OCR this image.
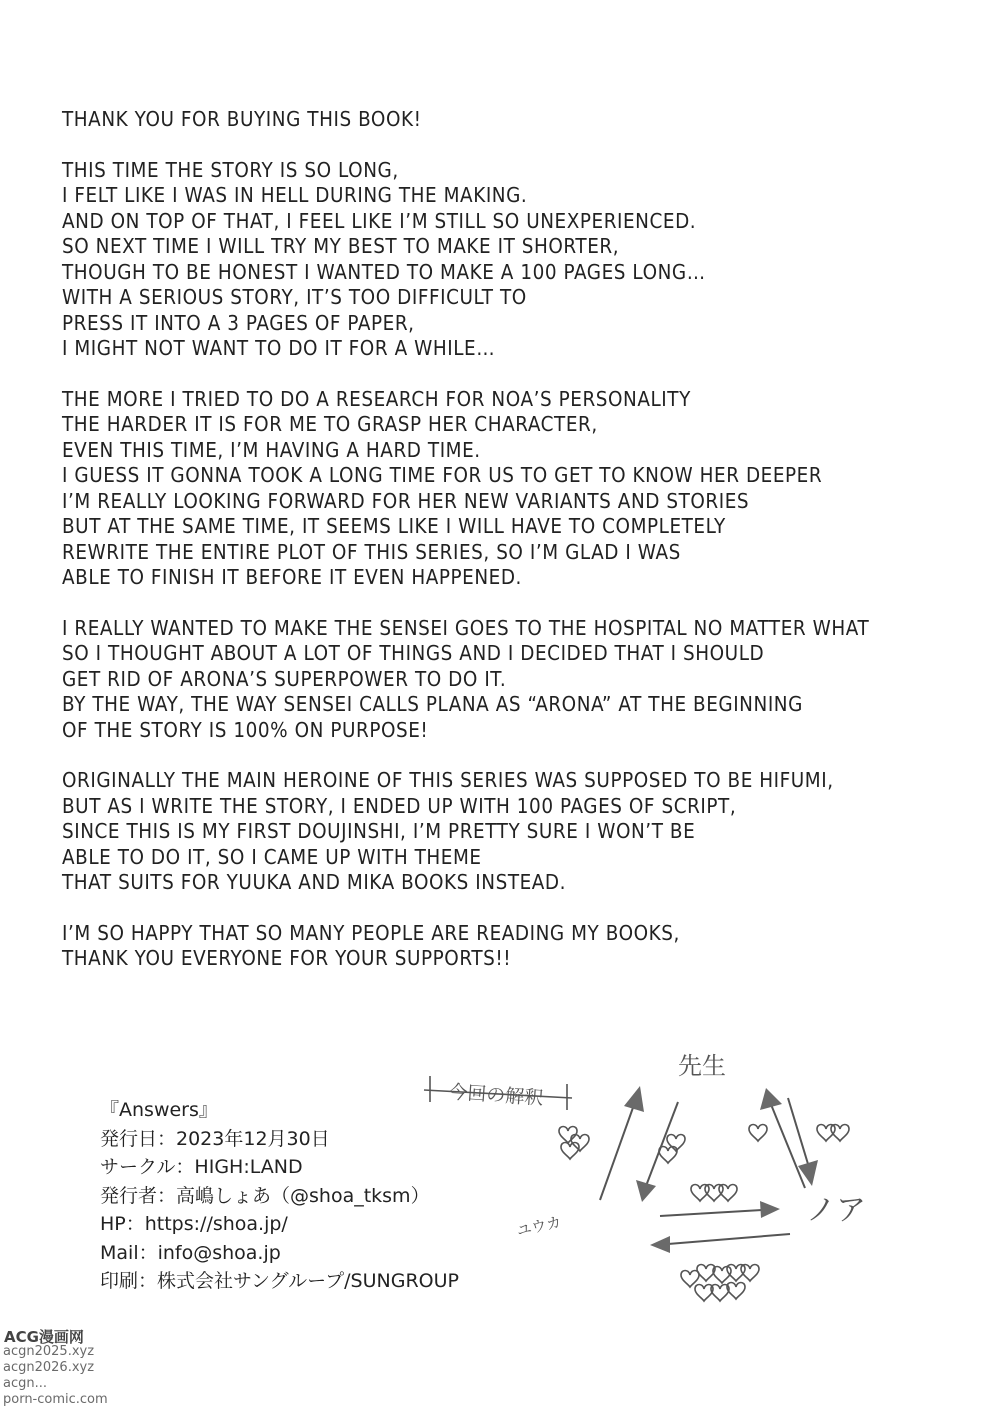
THANK YOU FOR BUYING THIS BOOK!
THIS TIME THE STORY IS SO LONG,
I FELT LIKE I WAS IN HELL DURING THE MAKING.
AND ON TOP OF THAT, I FEEL LIKE I’M STILL SO UNEXPERIENCED.
SO NEXT TIME I WILL TRY MY BEST TO MAKE IT SHORTER,
THOUGH TO BE HONEST I WANTED TO MAKE A 100 PAGES LONG…
WITH A SERIOUS STORY, IT’S TOO DIFFICULT TO
PRESS IT INTO A 3 PAGES OF PAPER,
I MIGHT NOT WANT TO DO IT FOR A WHILE…
THE MORE I TRIED TO DO A RESEARCH FOR NOA’S PERSONALITY
THE HARDER IT IS FOR ME TO GRASP HER CHARACTER,
EVEN THIS TIME, I’M HAVING A HARD TIME.
I GUESS IT GONNA TOOK A LONG TIME FOR US TO GET TO KNOW HER DEEPER
I’M REALLY LOOKING FORWARD FOR HER NEW VARIANTS AND STORIES
BUT AT THE SAME TIME, IT SEEMS LIKE I WILL HAVE TO COMPLETELY
REWRITE THE ENTIRE PLOT OF THIS SERIES, SO I’M GLAD I WAS
ABLE TO FINISH IT BEFORE IT EVEN HAPPENED.
I REALLY WANTED TO MAKE THE SENSEI GOES TO THE HOSPITAL NO MATTER WHAT
SO I THOUGHT ABOUT A LOT OF THINGS AND I DECIDED THAT I SHOULD
GET RID OF ARONA’S SUPERPOWER TO DO IT.
BY THE WAY, THE WAY SENSEI CALLS PLANA AS “ARONA” AT THE BEGINNING
OF THE STORY IS 100% ON PURPOSE!
ORIGINALLY THE MAIN HEROINE OF THIS SERIES WAS SUPPOSED TO BE HIFUMI,
BUT AS I WRITE THE STORY, I ENDED UP WITH 100 PAGES OF SCRIPT,
SINCE THIS IS MY FIRST DOUJINSHI, I’M PRETTY SURE I WON’T BE
ABLE TO DO IT, SO I CAME UP WITH THEME
THAT SUITS FOR YUUKA AND MIKA BOOKS INSTEAD.
I’M SO HAPPY THAT SO MANY PEOPLE ARE READING MY BOOKS,
THANK YOU EVERYONE FOR YOUR SUPPORTS!!
『Answers』
発行日：2023年12月30日
サークル：HIGH:LAND
発行者：高嶋しょあ（@shoa_tksm）
HP：https://shoa.jp/
Mail：info@shoa.jp
印刷：株式会社サングループ/SUNGROUP
今回の解釈
先生
ユウカ	ノア
ACG漫画网
acgn2025.xyz
acgn2026.xyz
acgn...
porn-comic.com
